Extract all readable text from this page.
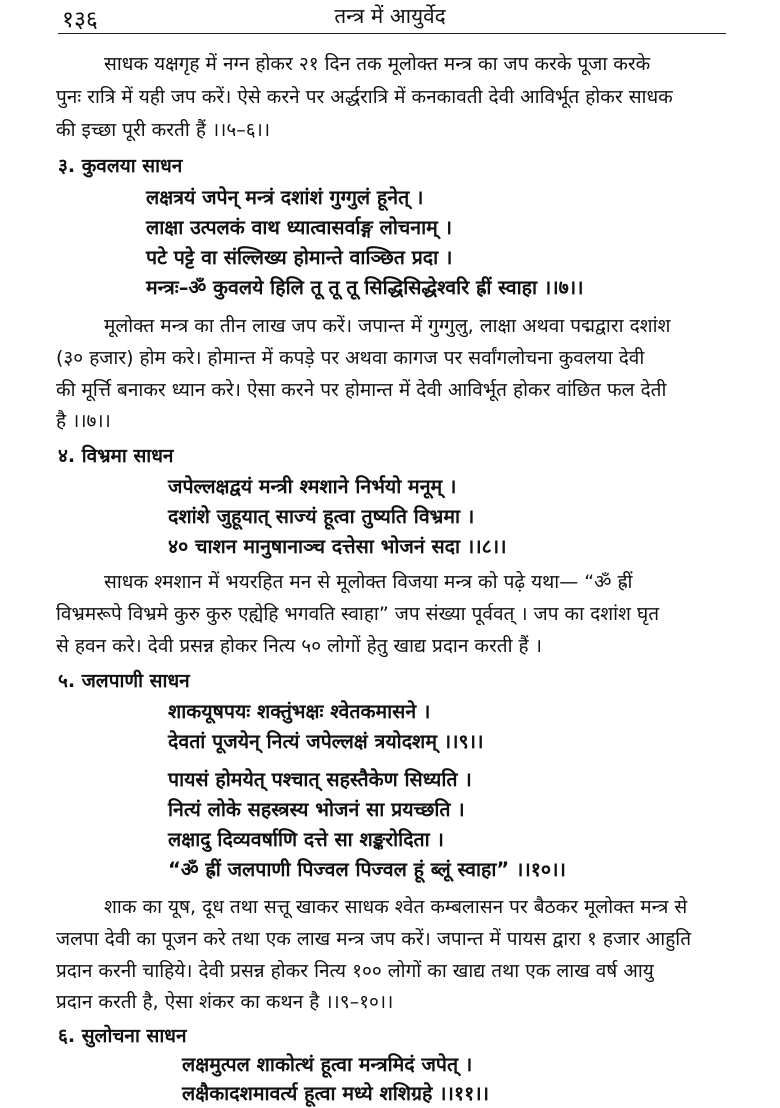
१३६	तन्त्र में आयुर्वेद
साधक यक्षगृह में नग्न होकर २१ दिन तक मूलोक्त मन्त्र का जप करके पूजा करके
पुनः रात्रि में यही जप करें। ऐसे करने पर अर्द्धरात्रि में कनकावती देवी आविर्भूत होकर साधक
की इच्छा पूरी करती हैं ।।५–६।।
३. कुवलया साधन
लक्षत्रयं जपेन् मन्त्रं दशांशं गुग्गुलं हूनेत् ।
लाक्षा उत्पलकं वाथ ध्यात्वासर्वाङ्ग लोचनाम् ।
पटे पट्टे वा संल्लिख्य होमान्ते वाञ्छित प्रदा ।
मन्त्रः–ॐ कुवलये हिलि तू तू तू सिद्धिसिद्धेश्वरि ह्रीं स्वाहा ।।७।।
मूलोक्त मन्त्र का तीन लाख जप करें। जपान्त में गुग्गुलु, लाक्षा अथवा पद्मद्वारा दशांश
(३० हजार) होम करे। होमान्त में कपड़े पर अथवा कागज पर सर्वांगलोचना कुवलया देवी
की मूर्त्ति बनाकर ध्यान करे। ऐसा करने पर होमान्त में देवी आविर्भूत होकर वांछित फल देती
है ।।७।।
४. विभ्रमा साधन
जपेल्लक्षद्वयं मन्त्री श्मशाने निर्भयो मनूम् ।
दशांशे जुहूयात् साज्यं हूत्वा तुष्यति विभ्रमा ।
४० चाशन मानुषानाञ्च दत्तेसा भोजनं सदा ।।८।।
साधक श्मशान में भयरहित मन से मूलोक्त विजया मन्त्र को पढ़े यथा— “ॐ ह्रीं
विभ्रमरूपे विभ्रमे कुरु कुरु एह्येहि भगवति स्वाहा” जप संख्या पूर्ववत् । जप का दशांश घृत
से हवन करे। देवी प्रसन्न होकर नित्य ५० लोगों हेतु खाद्य प्रदान करती हैं ।
५. जलपाणी साधन
शाकयूषपयः शक्तुंभक्षः श्वेतकमासने ।
देवतां पूजयेन् नित्यं जपेल्लक्षं त्रयोदशम् ।।९।।
पायसं होमयेत् पश्चात् सहस्तैकेण सिध्यति ।
नित्यं लोके सहस्त्रस्य भोजनं सा प्रयच्छति ।
लक्षादु दिव्यवर्षाणि दत्ते सा शङ्करोदिता ।
“ॐ ह्रीं जलपाणी पिज्वल पिज्वल हूं ब्लूं स्वाहा” ।।१०।।
शाक का यूष, दूध तथा सत्तू खाकर साधक श्वेत कम्बलासन पर बैठकर मूलोक्त मन्त्र से
जलपा देवी का पूजन करे तथा एक लाख मन्त्र जप करें। जपान्त में पायस द्वारा १ हजार आहुति
प्रदान करनी चाहिये। देवी प्रसन्न होकर नित्य १०० लोगों का खाद्य तथा एक लाख वर्ष आयु
प्रदान करती है, ऐसा शंकर का कथन है ।।९–१०।।
६. सुलोचना साधन
लक्षमुत्पल शाकोत्थं हूत्वा मन्त्रमिदं जपेत् ।
लक्षैकादशमावर्त्य हूत्वा मध्ये शशिग्रहे ।।११।।
